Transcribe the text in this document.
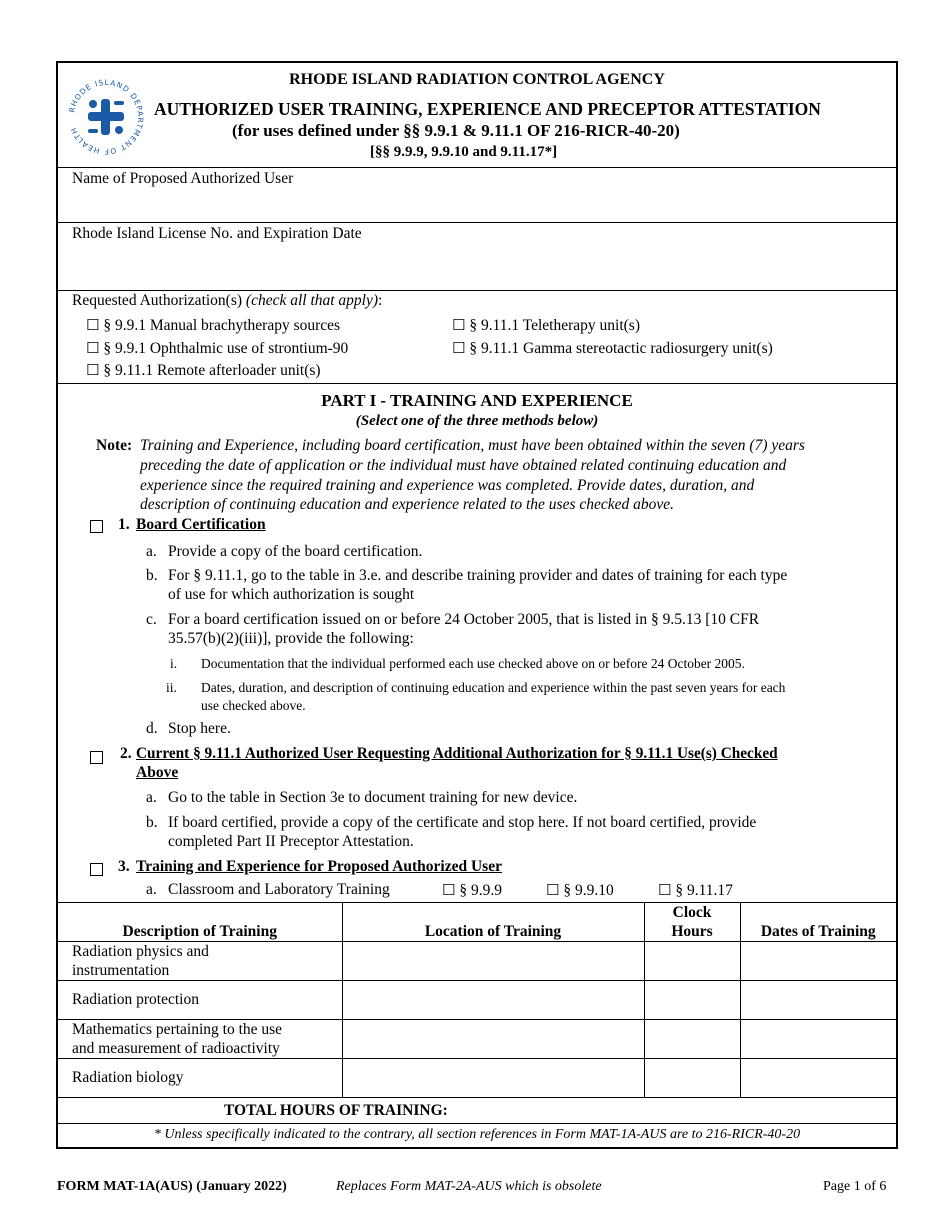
RHODE ISLAND DEPARTMENT OF HEALTH
RHODE ISLAND RADIATION CONTROL AGENCY
AUTHORIZED USER TRAINING, EXPERIENCE AND PRECEPTOR ATTESTATION
(for uses defined under §§ 9.9.1 & 9.11.1 OF 216-RICR-40-20)
[§§ 9.9.9, 9.9.10 and 9.11.17*]
Name of Proposed Authorized User
Rhode Island License No. and Expiration Date
Requested Authorization(s) (check all that apply):
☐ § 9.9.1 Manual brachytherapy sources
☐ § 9.9.1 Ophthalmic use of strontium-90
☐ § 9.11.1 Remote afterloader unit(s)
☐ § 9.11.1 Teletherapy unit(s)
☐ § 9.11.1 Gamma stereotactic radiosurgery unit(s)
PART I - TRAINING AND EXPERIENCE
(Select one of the three methods below)
Note: Training and Experience, including board certification, must have been obtained within the seven (7) years
preceding the date of application or the individual must have obtained related continuing education and
experience since the required training and experience was completed. Provide dates, duration, and
description of continuing education and experience related to the uses checked above.
1. Board Certification
a. Provide a copy of the board certification.
b. For § 9.11.1, go to the table in 3.e. and describe training provider and dates of training for each type
of use for which authorization is sought
c. For a board certification issued on or before 24 October 2005, that is listed in § 9.5.13 [10 CFR
35.57(b)(2)(iii)], provide the following:
i. Documentation that the individual performed each use checked above on or before 24 October 2005.
ii. Dates, duration, and description of continuing education and experience within the past seven years for each
use checked above.
d. Stop here.
2. Current § 9.11.1 Authorized User Requesting Additional Authorization for § 9.11.1 Use(s) Checked
Above
a. Go to the table in Section 3e to document training for new device.
b. If board certified, provide a copy of the certificate and stop here. If not board certified, provide
completed Part II Preceptor Attestation.
3. Training and Experience for Proposed Authorized User
a. Classroom and Laboratory Training	☐ § 9.9.9	☐ § 9.9.10	☐ § 9.11.17
Description of Training	Location of Training	Clock
Hours	Dates of Training
Radiation physics and
instrumentation			
Radiation protection			
Mathematics pertaining to the use
and measurement of radioactivity			
Radiation biology			
TOTAL HOURS OF TRAINING:			
* Unless specifically indicated to the contrary, all section references in Form MAT-1A-AUS are to 216-RICR-40-20
FORM MAT-1A(AUS) (January 2022)	Replaces Form MAT-2A-AUS which is obsolete	Page 1 of 6
